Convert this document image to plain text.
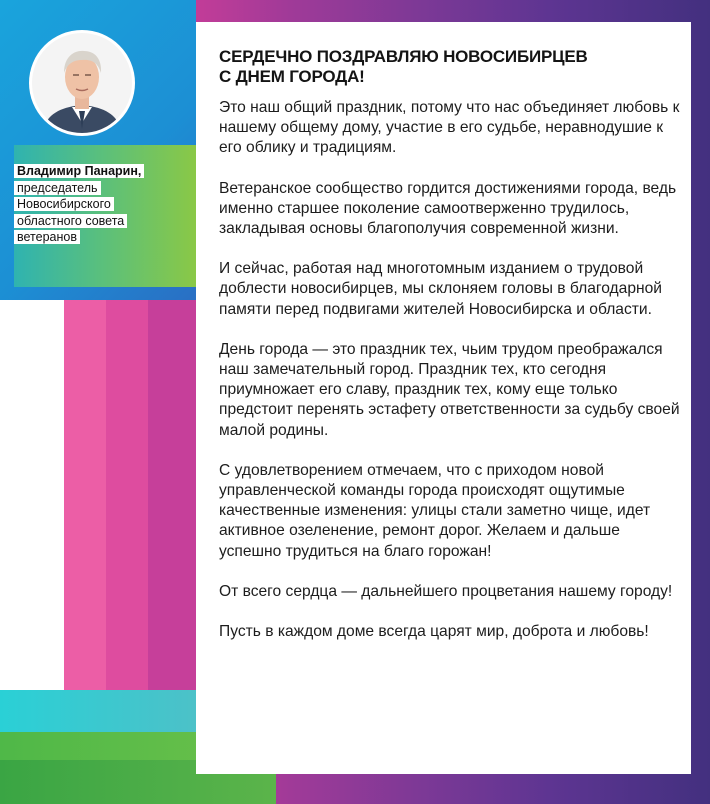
Владимир Панарин,
председатель
Новосибирского
областного совета
ветеранов
СЕРДЕЧНО ПОЗДРАВЛЯЮ НОВОСИБИРЦЕВ
С ДНЕМ ГОРОДА!

Это наш общий праздник, потому что нас объединяет любовь к нашему общему дому, участие в его судьбе, неравнодушие к его облику и традициям.

Ветеранское сообщество гордится достижениями города, ведь именно старшее поколение самоотверженно трудилось, закладывая основы благополучия современной жизни.

И сейчас, работая над многотомным изданием о трудовой доблести новосибирцев, мы склоняем головы в благодарной памяти перед подвигами жителей Новосибирска и области.

День города — это праздник тех, чьим трудом преображался наш замечательный город. Праздник тех, кто сегодня приумножает его славу, праздник тех, кому еще только предстоит перенять эстафету ответственности за судьбу своей малой родины.

С удовлетворением отмечаем, что с приходом новой управленческой команды города происходят ощутимые качественные изменения: улицы стали заметно чище, идет активное озеленение, ремонт дорог. Желаем и дальше успешно трудиться на благо горожан!

От всего сердца — дальнейшего процветания нашему городу!

Пусть в каждом доме всегда царят мир, доброта и любовь!
